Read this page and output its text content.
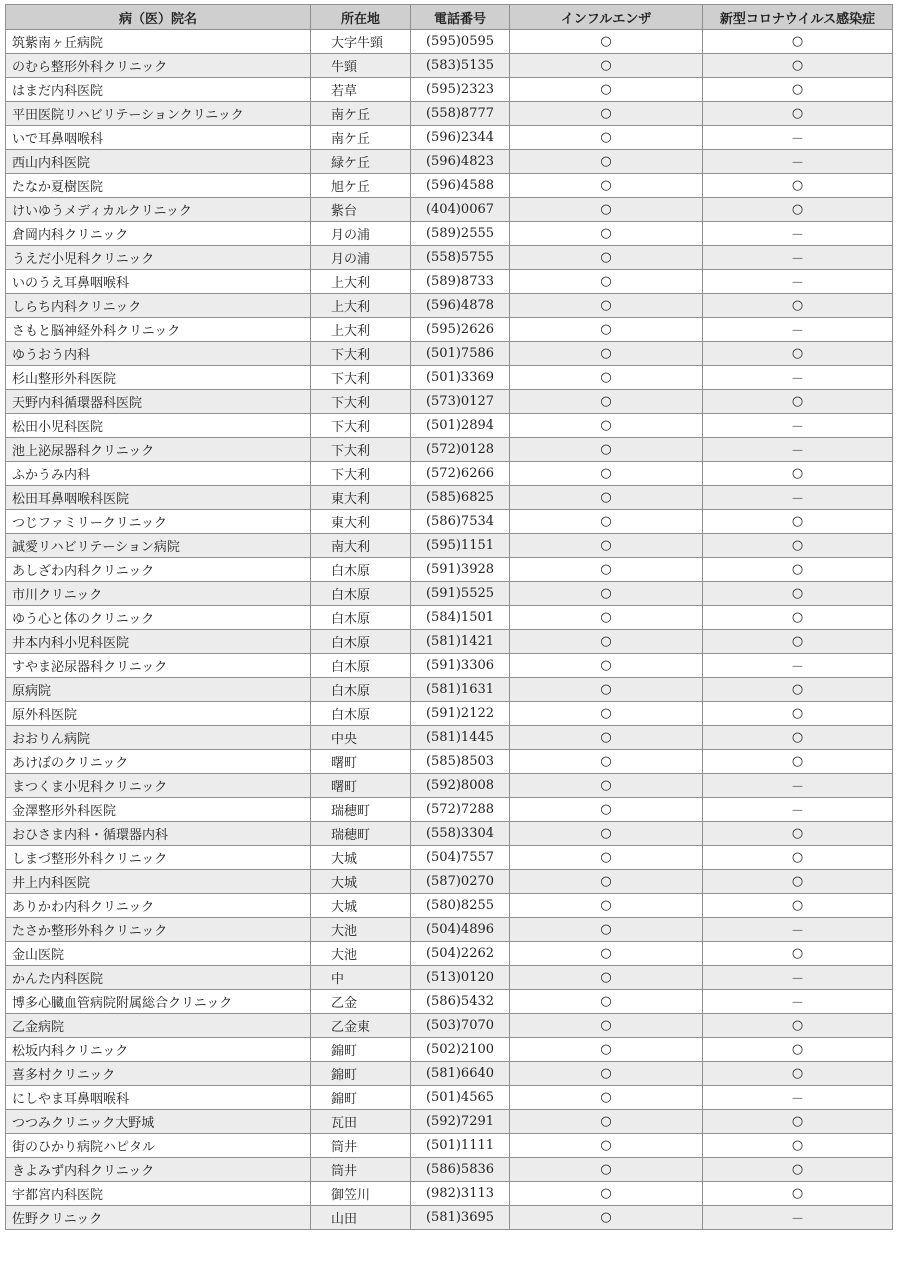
病（医）院名	所在地	電話番号	インフルエンザ	新型コロナウイルス感染症
筑紫南ヶ丘病院	大字牛頸	(595)0595	○	○
のむら整形外科クリニック	牛頸	(583)5135	○	○
はまだ内科医院	若草	(595)2323	○	○
平田医院リハビリテーションクリニック	南ケ丘	(558)8777	○	○
いで耳鼻咽喉科	南ケ丘	(596)2344	○	－
西山内科医院	緑ケ丘	(596)4823	○	－
たなか夏樹医院	旭ケ丘	(596)4588	○	○
けいゆうメディカルクリニック	紫台	(404)0067	○	○
倉岡内科クリニック	月の浦	(589)2555	○	－
うえだ小児科クリニック	月の浦	(558)5755	○	－
いのうえ耳鼻咽喉科	上大利	(589)8733	○	－
しらち内科クリニック	上大利	(596)4878	○	○
さもと脳神経外科クリニック	上大利	(595)2626	○	－
ゆうおう内科	下大利	(501)7586	○	○
杉山整形外科医院	下大利	(501)3369	○	－
天野内科循環器科医院	下大利	(573)0127	○	○
松田小児科医院	下大利	(501)2894	○	－
池上泌尿器科クリニック	下大利	(572)0128	○	－
ふかうみ内科	下大利	(572)6266	○	○
松田耳鼻咽喉科医院	東大利	(585)6825	○	－
つじファミリークリニック	東大利	(586)7534	○	○
誠愛リハビリテーション病院	南大利	(595)1151	○	○
あしざわ内科クリニック	白木原	(591)3928	○	○
市川クリニック	白木原	(591)5525	○	○
ゆう心と体のクリニック	白木原	(584)1501	○	○
井本内科小児科医院	白木原	(581)1421	○	○
すやま泌尿器科クリニック	白木原	(591)3306	○	－
原病院	白木原	(581)1631	○	○
原外科医院	白木原	(591)2122	○	○
おおりん病院	中央	(581)1445	○	○
あけぼのクリニック	曙町	(585)8503	○	○
まつくま小児科クリニック	曙町	(592)8008	○	－
金澤整形外科医院	瑞穂町	(572)7288	○	－
おひさま内科・循環器内科	瑞穂町	(558)3304	○	○
しまづ整形外科クリニック	大城	(504)7557	○	○
井上内科医院	大城	(587)0270	○	○
ありかわ内科クリニック	大城	(580)8255	○	○
たさか整形外科クリニック	大池	(504)4896	○	－
金山医院	大池	(504)2262	○	○
かんた内科医院	中	(513)0120	○	－
博多心臓血管病院附属総合クリニック	乙金	(586)5432	○	－
乙金病院	乙金東	(503)7070	○	○
松坂内科クリニック	錦町	(502)2100	○	○
喜多村クリニック	錦町	(581)6640	○	○
にしやま耳鼻咽喉科	錦町	(501)4565	○	－
つつみクリニック大野城	瓦田	(592)7291	○	○
街のひかり病院ハピタル	筒井	(501)1111	○	○
きよみず内科クリニック	筒井	(586)5836	○	○
宇都宮内科医院	御笠川	(982)3113	○	○
佐野クリニック	山田	(581)3695	○	－
